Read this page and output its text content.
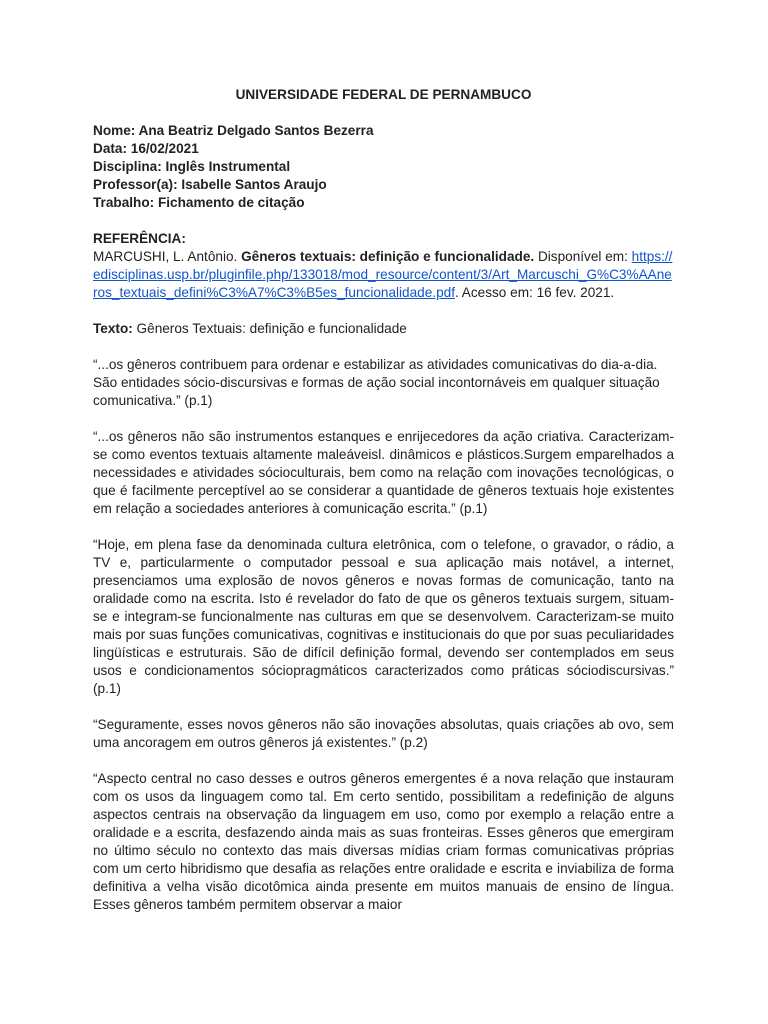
UNIVERSIDADE FEDERAL DE PERNAMBUCO
Nome: Ana Beatriz Delgado Santos Bezerra
Data: 16/02/2021
Disciplina: Inglês Instrumental
Professor(a): Isabelle Santos Araujo
Trabalho: Fichamento de citação
REFERÊNCIA:
MARCUSHI, L. Antônio. Gêneros textuais: definição e funcionalidade. Disponível em: https://edisciplinas.usp.br/pluginfile.php/133018/mod_resource/content/3/Art_Marcuschi_G%C3%AAneros_textuais_defini%C3%A7%C3%B5es_funcionalidade.pdf. Acesso em: 16 fev. 2021.
Texto: Gêneros Textuais: definição e funcionalidade

“...os gêneros contribuem para ordenar e estabilizar as atividades comunicativas do dia-a-dia. São entidades sócio-discursivas e formas de ação social incontornáveis em qualquer situação comunicativa.” (p.1)

“...os gêneros não são instrumentos estanques e enrijecedores da ação criativa. Caracterizam-se como eventos textuais altamente maleáveisl. dinâmicos e plásticos.Surgem emparelhados a necessidades e atividades sócioculturais, bem como na relação com inovações tecnológicas, o que é facilmente perceptível ao se considerar a quantidade de gêneros textuais hoje existentes em relação a sociedades anteriores à comunicação escrita.” (p.1)

“Hoje, em plena fase da denominada cultura eletrônica, com o telefone, o gravador, o rádio, a TV e, particularmente o computador pessoal e sua aplicação mais notável, a internet, presenciamos uma explosão de novos gêneros e novas formas de comunicação, tanto na oralidade como na escrita. Isto é revelador do fato de que os gêneros textuais surgem, situam-se e integram-se funcionalmente nas culturas em que se desenvolvem. Caracterizam-se muito mais por suas funções comunicativas, cognitivas e institucionais do que por suas peculiaridades lingüísticas e estruturais. São de difícil definição formal, devendo ser contemplados em seus usos e condicionamentos sóciopragmáticos caracterizados como práticas sóciodiscursivas.” (p.1)

“Seguramente, esses novos gêneros não são inovações absolutas, quais criações ab ovo, sem uma ancoragem em outros gêneros já existentes.” (p.2)

“Aspecto central no caso desses e outros gêneros emergentes é a nova relação que instauram com os usos da linguagem como tal. Em certo sentido, possibilitam a redefinição de alguns aspectos centrais na observação da linguagem em uso, como por exemplo a relação entre a oralidade e a escrita, desfazendo ainda mais as suas fronteiras. Esses gêneros que emergiram no último século no contexto das mais diversas mídias criam formas comunicativas próprias com um certo hibridismo que desafia as relações entre oralidade e escrita e inviabiliza de forma definitiva a velha visão dicotômica ainda presente em muitos manuais de ensino de língua. Esses gêneros também permitem observar a maior
